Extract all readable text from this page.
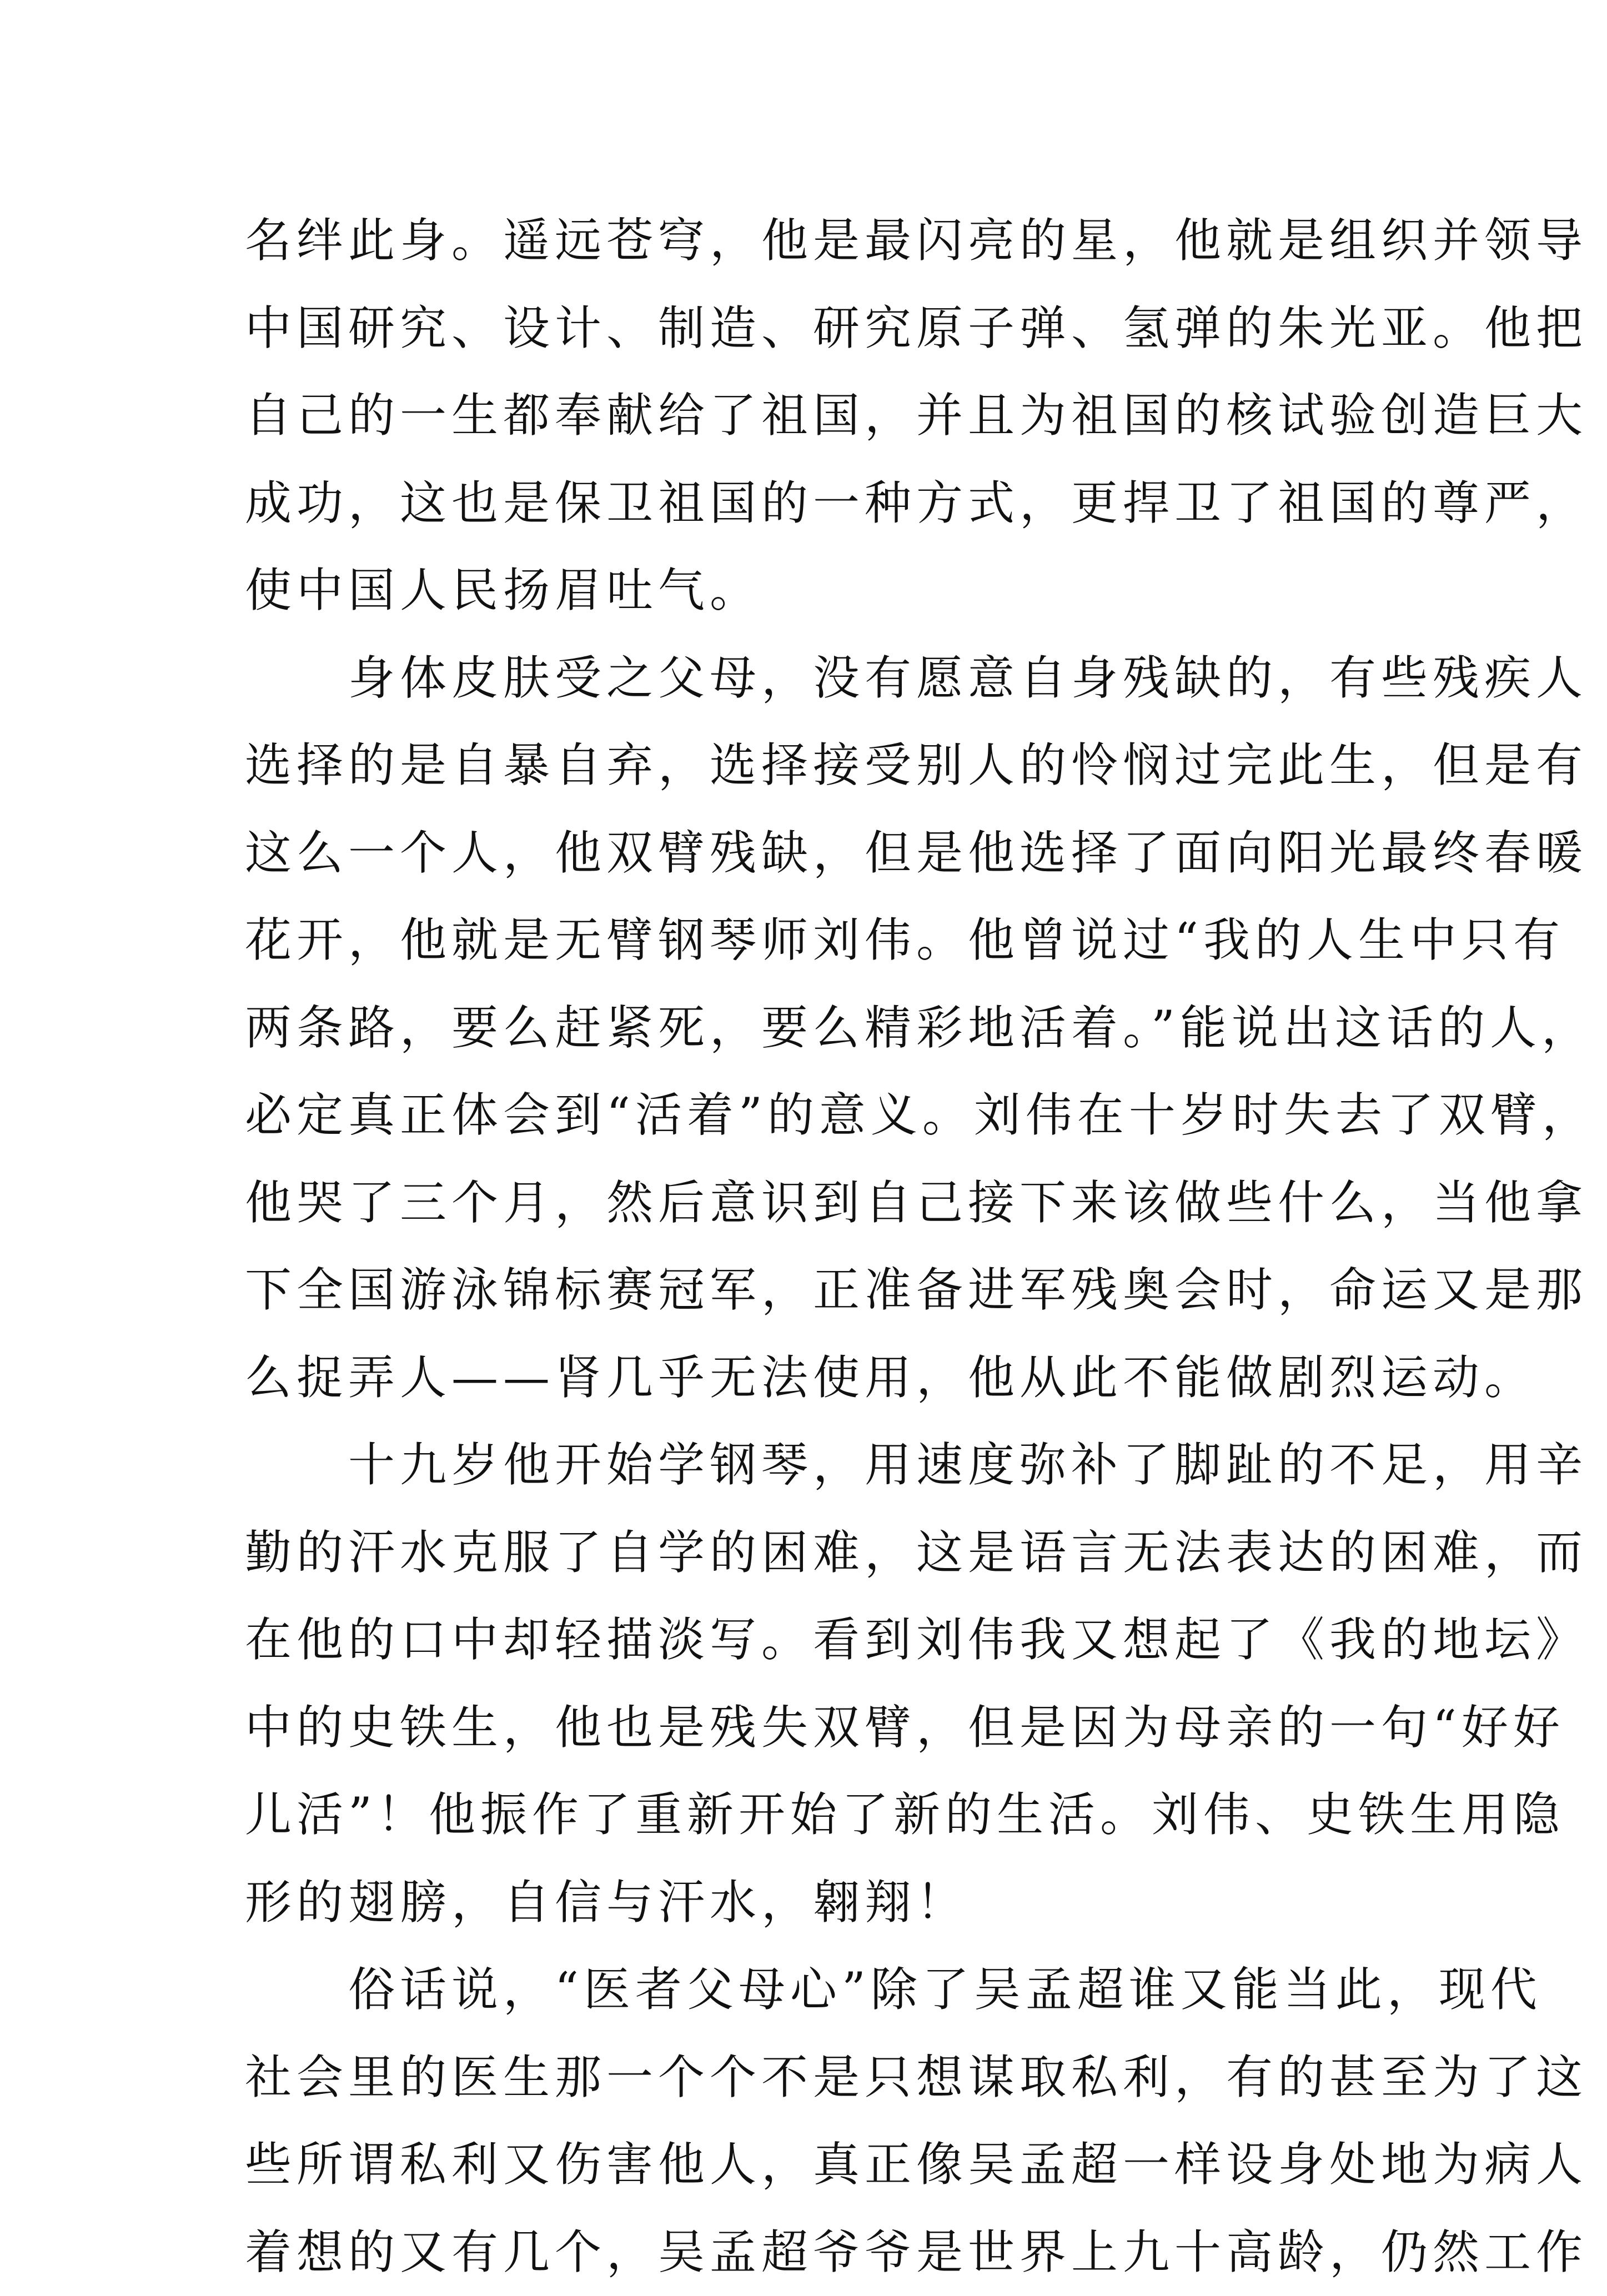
名绊此身。遥远苍穹，他是最闪亮的星，他就是组织并领导
中国研究、设计、制造、研究原子弹、氢弹的朱光亚。他把
自己的一生都奉献给了祖国，并且为祖国的核试验创造巨大
成功，这也是保卫祖国的一种方式，更捍卫了祖国的尊严，
使中国人民扬眉吐气。
身体皮肤受之父母，没有愿意自身残缺的，有些残疾人
选择的是自暴自弃，选择接受别人的怜悯过完此生，但是有
这么一个人，他双臂残缺，但是他选择了面向阳光最终春暖
花开，他就是无臂钢琴师刘伟。他曾说过“我的人生中只有
两条路，要么赶紧死，要么精彩地活着。”能说出这话的人，
必定真正体会到“活着”的意义。刘伟在十岁时失去了双臂，
他哭了三个月，然后意识到自己接下来该做些什么，当他拿
下全国游泳锦标赛冠军，正准备进军残奥会时，命运又是那
么捉弄人——肾几乎无法使用，他从此不能做剧烈运动。
十九岁他开始学钢琴，用速度弥补了脚趾的不足，用辛
勤的汗水克服了自学的困难，这是语言无法表达的困难，而
在他的口中却轻描淡写。看到刘伟我又想起了《我的地坛》
中的史铁生，他也是残失双臂，但是因为母亲的一句“好好
儿活”！他振作了重新开始了新的生活。刘伟、史铁生用隐
形的翅膀，自信与汗水，翱翔！
俗话说，“医者父母心”除了吴孟超谁又能当此，现代
社会里的医生那一个个不是只想谋取私利，有的甚至为了这
些所谓私利又伤害他人，真正像吴孟超一样设身处地为病人
着想的又有几个，吴孟超爷爷是世界上九十高龄，仍然工作
